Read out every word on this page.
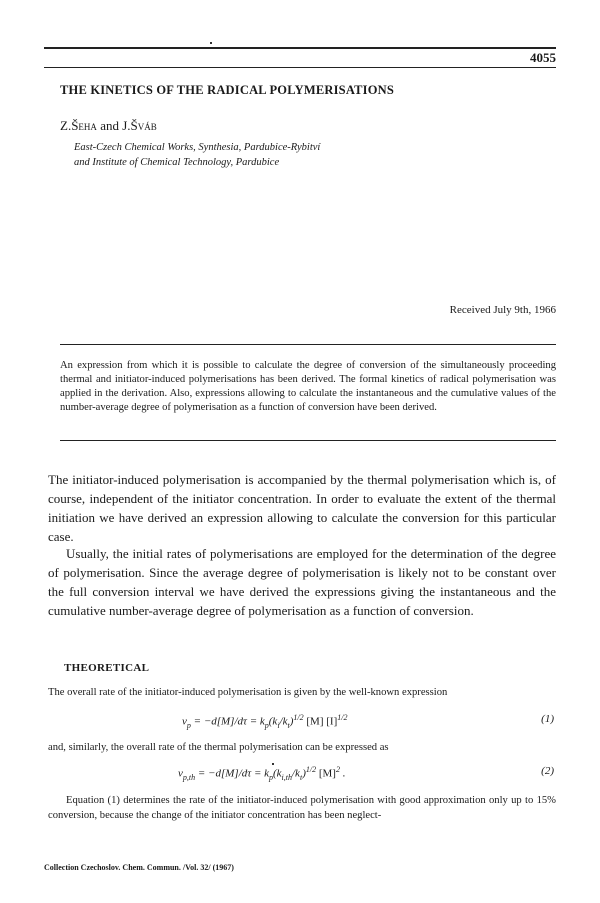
4055
THE KINETICS OF THE RADICAL POLYMERISATIONS
Z.Šeha and J.Šváb
East-Czech Chemical Works, Synthesia, Pardubice-Rybitví
and Institute of Chemical Technology, Pardubice
Received July 9th, 1966
An expression from which it is possible to calculate the degree of conversion of the simultaneously proceeding thermal and initiator-induced polymerisations has been derived. The formal kinetics of radical polymerisation was applied in the derivation. Also, expressions allowing to calculate the instantaneous and the cumulative values of the number-average degree of polymerisation as a function of conversion have been derived.
The initiator-induced polymerisation is accompanied by the thermal polymerisation which is, of course, independent of the initiator concentration. In order to evaluate the extent of the thermal initiation we have derived an expression allowing to calculate the conversion for this particular case.
Usually, the initial rates of polymerisations are employed for the determination of the degree of polymerisation. Since the average degree of polymerisation is likely not to be constant over the full conversion interval we have derived the expressions giving the instantaneous and the cumulative number-average degree of polymerisation as a function of conversion.
THEORETICAL
The overall rate of the initiator-induced polymerisation is given by the well-known expression
$v_p = -d[M]/d\tau = k_p(k_i/k_t)^{1/2}$ [M] $[I]^{1/2}$	(1)
and, similarly, the overall rate of the thermal polymerisation can be expressed as
$v_{p,th} = -d[M]/d\tau = k_p(k_{i,th}/k_t)^{1/2}$ $[M]^2$ .	(2)
Equation (1) determines the rate of the initiator-induced polymerisation with good approximation only up to 15% conversion, because the change of the initiator concentration has been neglect-
Collection Czechoslov. Chem. Commun. /Vol. 32/ (1967)
